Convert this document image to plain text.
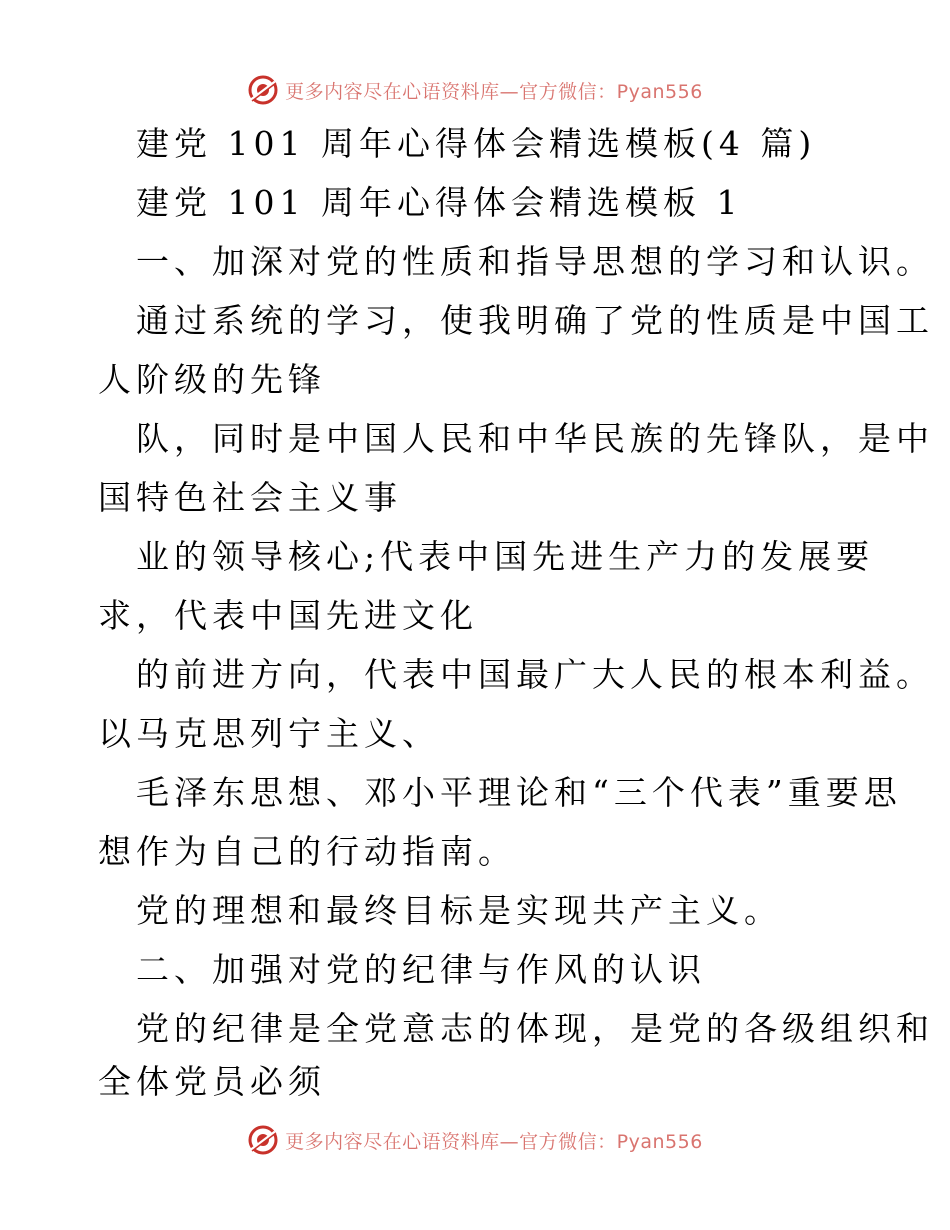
更多内容尽在心语资料库—官方微信：Pyan556
建党 101 周年心得体会精选模板(4 篇)
建党 101 周年心得体会精选模板 1
一、加深对党的性质和指导思想的学习和认识。
通过系统的学习，使我明确了党的性质是中国工
人阶级的先锋
队，同时是中国人民和中华民族的先锋队，是中
国特色社会主义事
业的领导核心;代表中国先进生产力的发展要
求，代表中国先进文化
的前进方向，代表中国最广大人民的根本利益。
以马克思列宁主义、
毛泽东思想、邓小平理论和“三个代表”重要思
想作为自己的行动指南。
党的理想和最终目标是实现共产主义。
二、加强对党的纪律与作风的认识
党的纪律是全党意志的体现，是党的各级组织和
全体党员必须
更多内容尽在心语资料库—官方微信：Pyan556
